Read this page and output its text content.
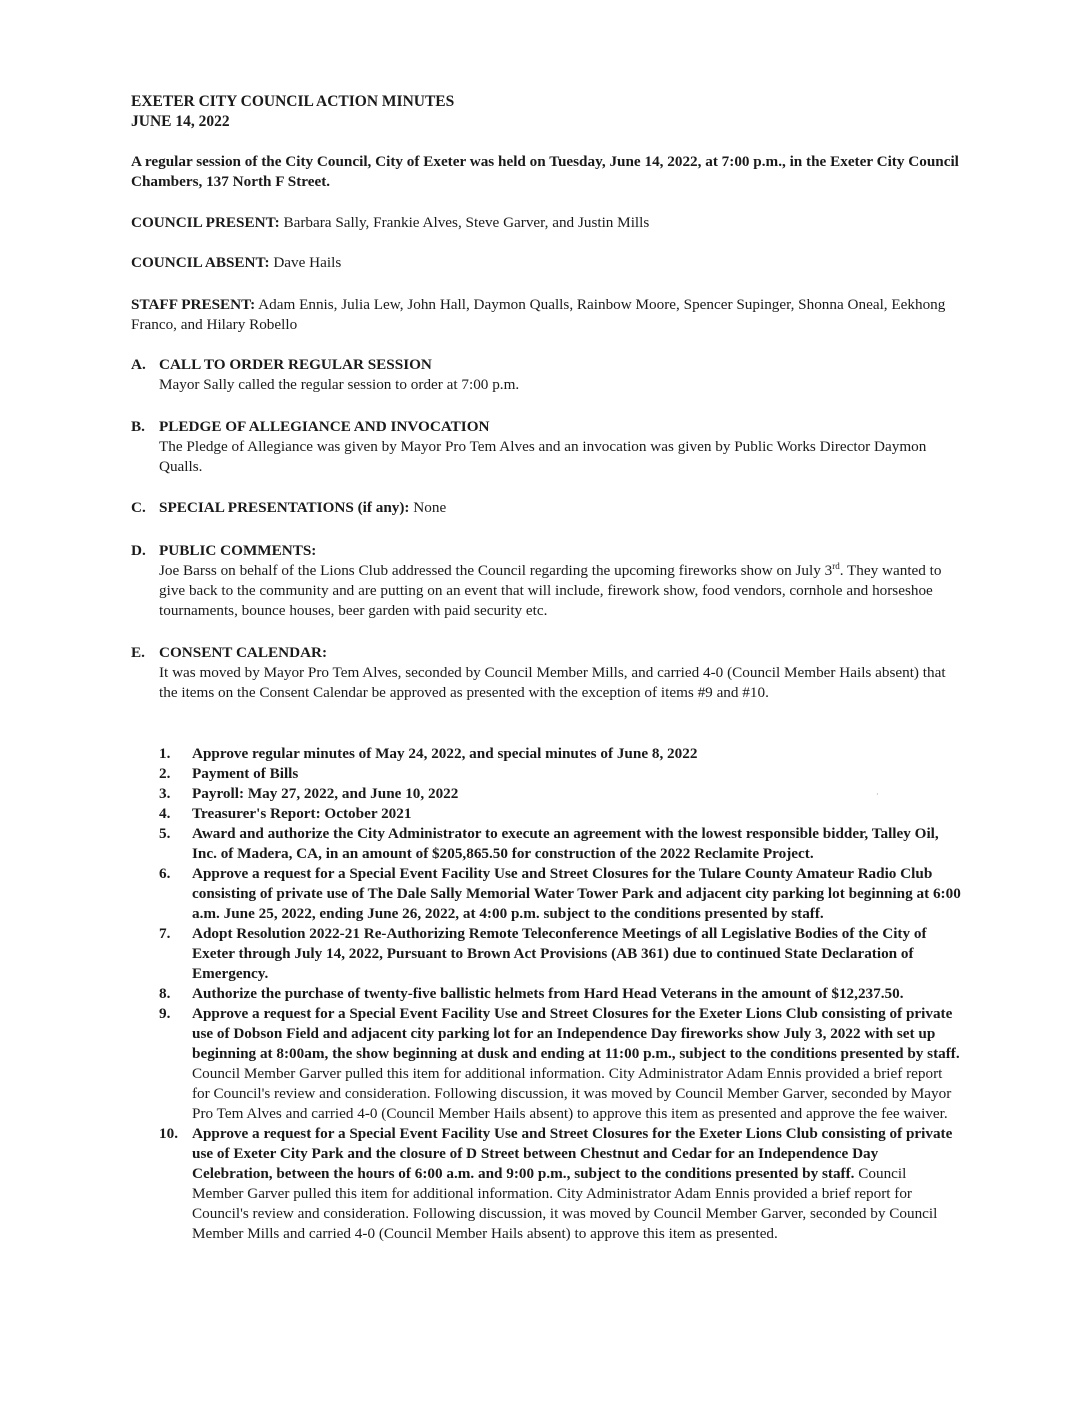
EXETER CITY COUNCIL ACTION MINUTES
JUNE 14, 2022
A regular session of the City Council, City of Exeter was held on Tuesday, June 14, 2022, at 7:00 p.m., in the Exeter City Council Chambers, 137 North F Street.
COUNCIL PRESENT: Barbara Sally, Frankie Alves, Steve Garver, and Justin Mills
COUNCIL ABSENT: Dave Hails
STAFF PRESENT: Adam Ennis, Julia Lew, John Hall, Daymon Qualls, Rainbow Moore, Spencer Supinger, Shonna Oneal, Eekhong Franco, and Hilary Robello
A. CALL TO ORDER REGULAR SESSION
Mayor Sally called the regular session to order at 7:00 p.m.
B. PLEDGE OF ALLEGIANCE AND INVOCATION
The Pledge of Allegiance was given by Mayor Pro Tem Alves and an invocation was given by Public Works Director Daymon Qualls.
C. SPECIAL PRESENTATIONS (if any): None
D. PUBLIC COMMENTS:
Joe Barss on behalf of the Lions Club addressed the Council regarding the upcoming fireworks show on July 3rd. They wanted to give back to the community and are putting on an event that will include, firework show, food vendors, cornhole and horseshoe tournaments, bounce houses, beer garden with paid security etc.
E. CONSENT CALENDAR:
It was moved by Mayor Pro Tem Alves, seconded by Council Member Mills, and carried 4-0 (Council Member Hails absent) that the items on the Consent Calendar be approved as presented with the exception of items #9 and #10.
1.	Approve regular minutes of May 24, 2022, and special minutes of June 8, 2022
2.	Payment of Bills
3.	Payroll: May 27, 2022, and June 10, 2022
4.	Treasurer's Report: October 2021
5.	Award and authorize the City Administrator to execute an agreement with the lowest responsible bidder, Talley Oil, Inc. of Madera, CA, in an amount of $205,865.50 for construction of the 2022 Reclamite Project.
6.	Approve a request for a Special Event Facility Use and Street Closures for the Tulare County Amateur Radio Club consisting of private use of The Dale Sally Memorial Water Tower Park and adjacent city parking lot beginning at 6:00 a.m. June 25, 2022, ending June 26, 2022, at 4:00 p.m. subject to the conditions presented by staff.
7.	Adopt Resolution 2022-21 Re-Authorizing Remote Teleconference Meetings of all Legislative Bodies of the City of Exeter through July 14, 2022, Pursuant to Brown Act Provisions (AB 361) due to continued State Declaration of Emergency.
8.	Authorize the purchase of twenty-five ballistic helmets from Hard Head Veterans in the amount of $12,237.50.
9.	Approve a request for a Special Event Facility Use and Street Closures for the Exeter Lions Club consisting of private use of Dobson Field and adjacent city parking lot for an Independence Day fireworks show July 3, 2022 with set up beginning at 8:00am, the show beginning at dusk and ending at 11:00 p.m., subject to the conditions presented by staff. Council Member Garver pulled this item for additional information. City Administrator Adam Ennis provided a brief report for Council's review and consideration. Following discussion, it was moved by Council Member Garver, seconded by Mayor Pro Tem Alves and carried 4-0 (Council Member Hails absent) to approve this item as presented and approve the fee waiver.
10. Approve a request for a Special Event Facility Use and Street Closures for the Exeter Lions Club consisting of private use of Exeter City Park and the closure of D Street between Chestnut and Cedar for an Independence Day Celebration, between the hours of 6:00 a.m. and 9:00 p.m., subject to the conditions presented by staff. Council Member Garver pulled this item for additional information. City Administrator Adam Ennis provided a brief report for Council's review and consideration. Following discussion, it was moved by Council Member Garver, seconded by Council Member Mills and carried 4-0 (Council Member Hails absent) to approve this item as presented.
·
